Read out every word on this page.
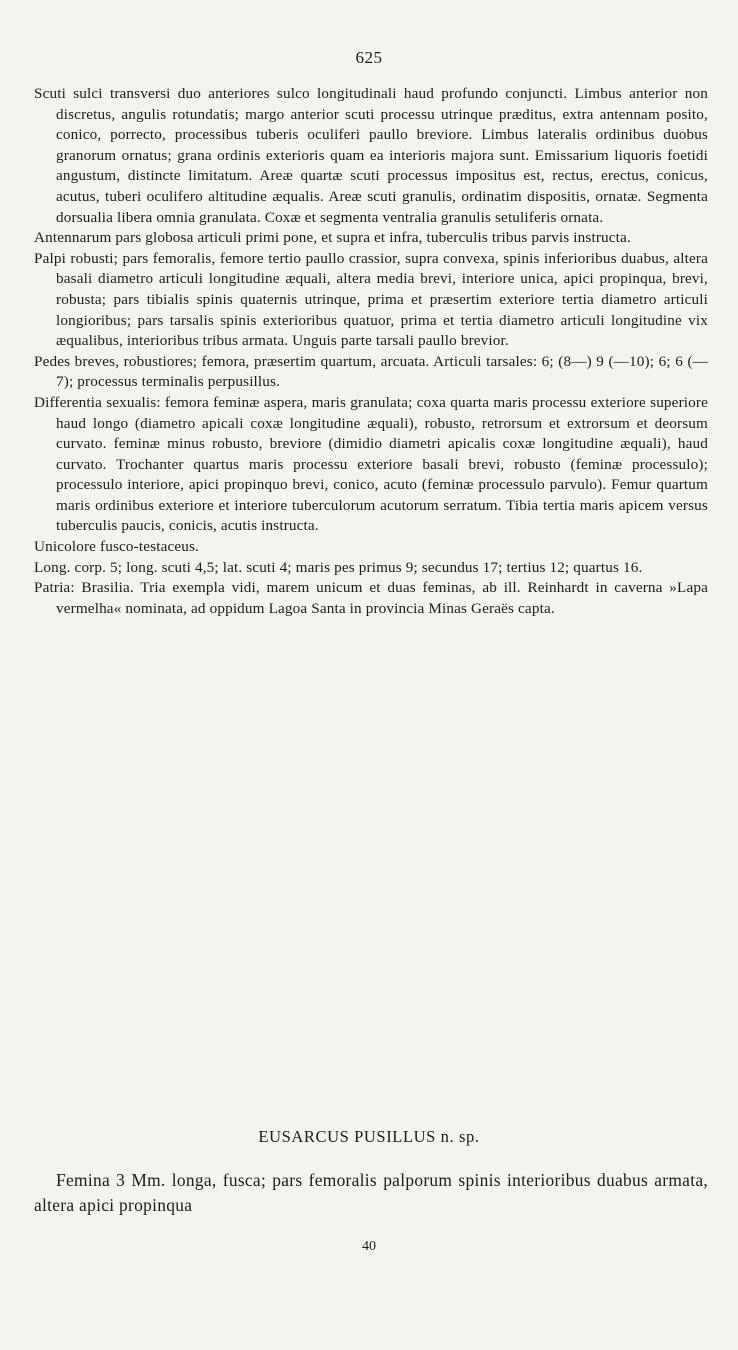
625

Scuti sulci transversi duo anteriores sulco longitudinali haud profundo conjuncti. Limbus anterior non discretus, angulis rotundatis; margo anterior scuti processu utrinque præditus, extra antennam posito, conico, porrecto, processibus tuberis oculiferi paullo breviore. Limbus lateralis ordinibus duobus granorum ornatus; grana ordinis exterioris quam ea interioris majora sunt. Emissarium liquoris foetidi angustum, distincte limitatum. Areæ quartæ scuti processus impositus est, rectus, erectus, conicus, acutus, tuberi oculifero altitudine æqualis. Areæ scuti granulis, ordinatim dispositis, ornatæ. Segmenta dorsualia libera omnia granulata. Coxæ et segmenta ventralia granulis setuliferis ornata.

Antennarum pars globosa articuli primi pone, et supra et infra, tuberculis tribus parvis instructa.

Palpi robusti; pars femoralis, femore tertio paullo crassior, supra convexa, spinis inferioribus duabus, altera basali diametro articuli longitudine æquali, altera media brevi, interiore unica, apici propinqua, brevi, robusta; pars tibialis spinis quaternis utrinque, prima et præsertim exteriore tertia diametro articuli longioribus; pars tarsalis spinis exterioribus quatuor, prima et tertia diametro articuli longitudine vix æqualibus, interioribus tribus armata. Unguis parte tarsali paullo brevior.

Pedes breves, robustiores; femora, præsertim quartum, arcuata. Articuli tarsales: 6; (8—) 9 (—10); 6; 6 (—7); processus terminalis perpusillus.

Differentia sexualis: femora feminæ aspera, maris granulata; coxa quarta maris processu exteriore superiore haud longo (diametro apicali coxæ longitudine æquali), robusto, retrorsum et extrorsum et deorsum curvato. feminæ minus robusto, breviore (dimidio diametri apicalis coxæ longitudine æquali), haud curvato. Trochanter quartus maris processu exteriore basali brevi, robusto (feminæ processulo); processulo interiore, apici propinquo brevi, conico, acuto (feminæ processulo parvulo). Femur quartum maris ordinibus exteriore et interiore tuberculorum acutorum serratum. Tibia tertia maris apicem versus tuberculis paucis, conicis, acutis instructa.

Unicolore fusco-testaceus.

Long. corp. 5; long. scuti 4,5; lat. scuti 4; maris pes primus 9; secundus 17; tertius 12; quartus 16.

Patria: Brasilia. Tria exempla vidi, marem unicum et duas feminas, ab ill. Reinhardt in caverna »Lapa vermelha« nominata, ad oppidum Lagoa Santa in provincia Minas Geraës capta.

EUSARCUS PUSILLUS n. sp.

Femina 3 Mm. longa, fusca; pars femoralis palporum spinis interioribus duabus armata, altera apici propinqua

40
